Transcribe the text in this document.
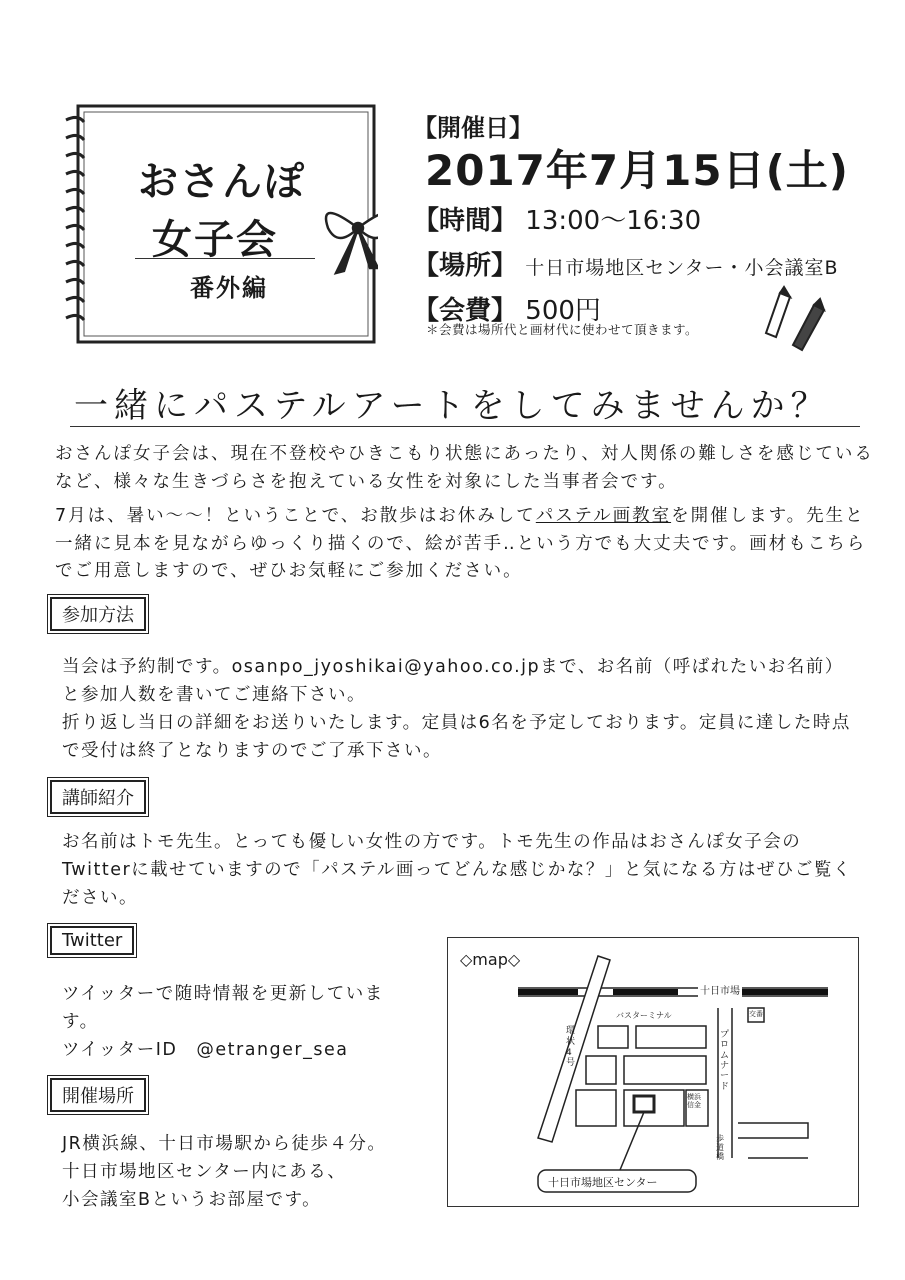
おさんぽ
女子会
番外編
【開催日】
2017年7月15日(土)
【時間】 13:00〜16:30
【場所】 十日市場地区センター・小会議室B
【会費】 500円
＊会費は場所代と画材代に使わせて頂きます。
一緒にパステルアートをしてみませんか？
おさんぽ女子会は、現在不登校やひきこもり状態にあったり、対人関係の難しさを感じているなど、様々な生きづらさを抱えている女性を対象にした当事者会です。
7月は、暑い〜〜！ということで、お散歩はお休みしてパステル画教室を開催します。先生と一緒に見本を見ながらゆっくり描くので、絵が苦手‥という方でも大丈夫です。画材もこちらでご用意しますので、ぜひお気軽にご参加ください。
参加方法
当会は予約制です。osanpo_jyoshikai@yahoo.co.jpまで、お名前（呼ばれたいお名前）と参加人数を書いてご連絡下さい。
折り返し当日の詳細をお送りいたします。定員は6名を予定しております。定員に達した時点で受付は終了となりますのでご了承下さい。
講師紹介
お名前はトモ先生。とっても優しい女性の方です。トモ先生の作品はおさんぽ女子会のTwitterに載せていますので「パステル画ってどんな感じかな？」と気になる方はぜひご覧ください。
Twitter
ツイッターで随時情報を更新しています。
ツイッターID　@etranger_sea
開催場所
JR横浜線、十日市場駅から徒歩４分。
十日市場地区センター内にある、
小会議室Bというお部屋です。
◇map◇
十日市場
交番
バスターミナル
環状4号
プロムナード
横浜信金
歩道橋
十日市場地区センター
